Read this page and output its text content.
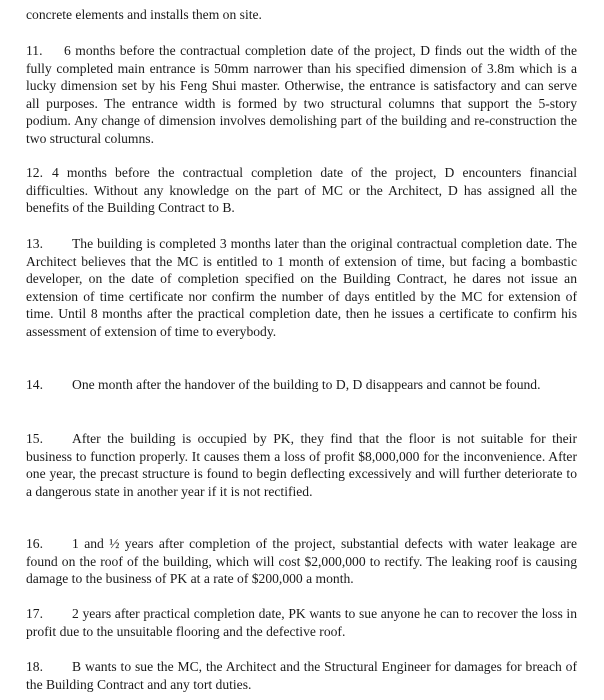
concrete elements and installs them on site.

11. 6 months before the contractual completion date of the project, D finds out the width of the fully completed main entrance is 50mm narrower than his specified dimension of 3.8m which is a lucky dimension set by his Feng Shui master. Otherwise, the entrance is satisfactory and can serve all purposes. The entrance width is formed by two structural columns that support the 5-story podium. Any change of dimension involves demolishing part of the building and re-construction the two structural columns.

12. 4 months before the contractual completion date of the project, D encounters financial difficulties. Without any knowledge on the part of MC or the Architect, D has assigned all the benefits of the Building Contract to B.

13. The building is completed 3 months later than the original contractual completion date. The Architect believes that the MC is entitled to 1 month of extension of time, but facing a bombastic developer, on the date of completion specified on the Building Contract, he dares not issue an extension of time certificate nor confirm the number of days entitled by the MC for extension of time. Until 8 months after the practical completion date, then he issues a certificate to confirm his assessment of extension of time to everybody.

14. One month after the handover of the building to D, D disappears and cannot be found.

15. After the building is occupied by PK, they find that the floor is not suitable for their business to function properly. It causes them a loss of profit $8,000,000 for the inconvenience. After one year, the precast structure is found to begin deflecting excessively and will further deteriorate to a dangerous state in another year if it is not rectified.

16. 1 and ½ years after completion of the project, substantial defects with water leakage are found on the roof of the building, which will cost $2,000,000 to rectify. The leaking roof is causing damage to the business of PK at a rate of $200,000 a month.

17. 2 years after practical completion date, PK wants to sue anyone he can to recover the loss in profit due to the unsuitable flooring and the defective roof.

18. B wants to sue the MC, the Architect and the Structural Engineer for damages for breach of the Building Contract and any tort duties.
